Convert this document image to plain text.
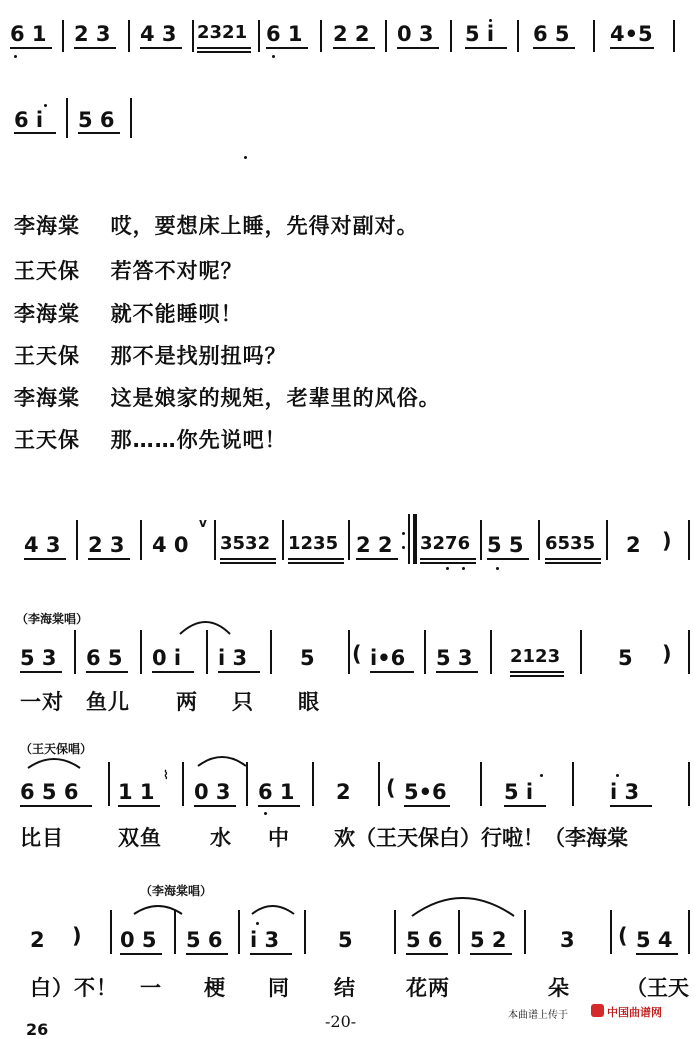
6 1 2 3 4 3 2321 6 1 2 2 0 3 5 i 6 5 4•5
6 i 5 6
李海棠 哎，要想床上睡，先得对副对。
王天保 若答不对呢？
李海棠 就不能睡呗！
王天保 那不是找别扭吗？
李海棠 这是娘家的规矩，老辈里的风俗。
王天保 那……你先说吧！
4 3 2 3 4 0
v
3532 1235 2 2 3276 5 5 6535 2 )
（李海棠唱）
5 3 6 5 0 i i 3	5 ( i•6 5 3 2123	5 )
一对 鱼儿 两 只 眼
（王天保唱）
6 5 6 1 1
⌇
0 3 6 1 2 ( 5•6	5 i	i 3
比目	双鱼 水 中 欢（王天保白）行啦！（李海棠
（李海棠唱）
2 ) 0 5 5 6 i 3	5	5 6 5 2	3 ( 5 4
白）不！ 一 梗 同 结 花两	朵	（王天
26	-20-	本曲谱上传于	中国曲谱网
